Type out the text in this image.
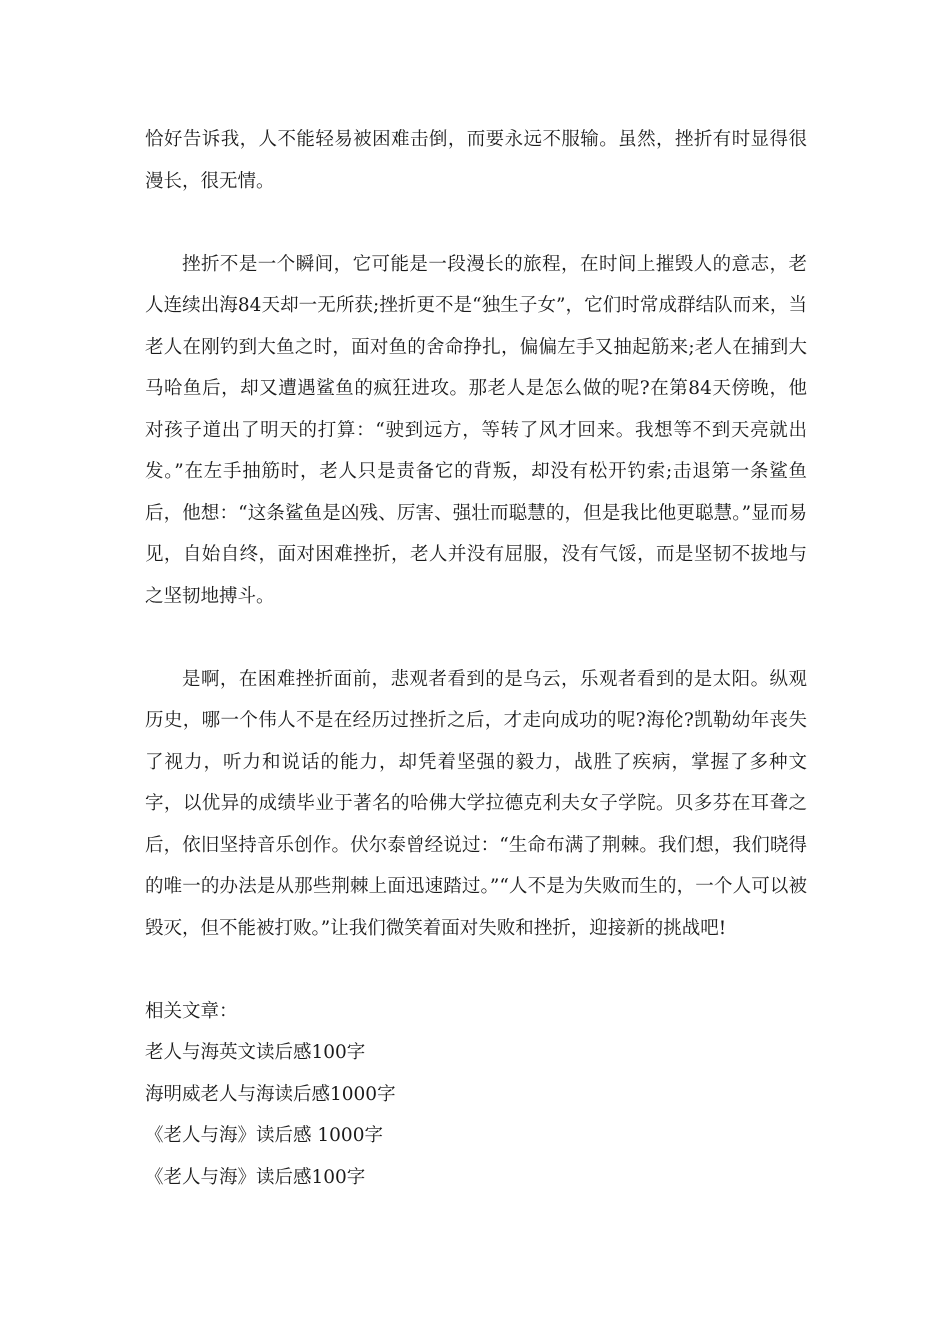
恰好告诉我，人不能轻易被困难击倒，而要永远不服输。虽然，挫折有时显得很漫长，很无情。

挫折不是一个瞬间，它可能是一段漫长的旅程，在时间上摧毁人的意志，老人连续出海84天却一无所获;挫折更不是“独生子女”，它们时常成群结队而来，当老人在刚钓到大鱼之时，面对鱼的舍命挣扎，偏偏左手又抽起筋来;老人在捕到大马哈鱼后，却又遭遇鲨鱼的疯狂进攻。那老人是怎么做的呢?在第84天傍晚，他对孩子道出了明天的打算：“驶到远方，等转了风才回来。我想等不到天亮就出发。”在左手抽筋时，老人只是责备它的背叛，却没有松开钓索;击退第一条鲨鱼后，他想：“这条鲨鱼是凶残、厉害、强壮而聪慧的，但是我比他更聪慧。”显而易见，自始自终，面对困难挫折，老人并没有屈服，没有气馁，而是坚韧不拔地与之坚韧地搏斗。

是啊，在困难挫折面前，悲观者看到的是乌云，乐观者看到的是太阳。纵观历史，哪一个伟人不是在经历过挫折之后，才走向成功的呢?海伦?凯勒幼年丧失了视力，听力和说话的能力，却凭着坚强的毅力，战胜了疾病，掌握了多种文字，以优异的成绩毕业于著名的哈佛大学拉德克利夫女子学院。贝多芬在耳聋之后，依旧坚持音乐创作。伏尔泰曾经说过：“生命布满了荆棘。我们想，我们晓得的唯一的办法是从那些荆棘上面迅速踏过。”“人不是为失败而生的，一个人可以被毁灭，但不能被打败。”让我们微笑着面对失败和挫折，迎接新的挑战吧!

相关文章：

老人与海英文读后感100字
海明威老人与海读后感1000字
《老人与海》读后感 1000字
《老人与海》读后感100字
